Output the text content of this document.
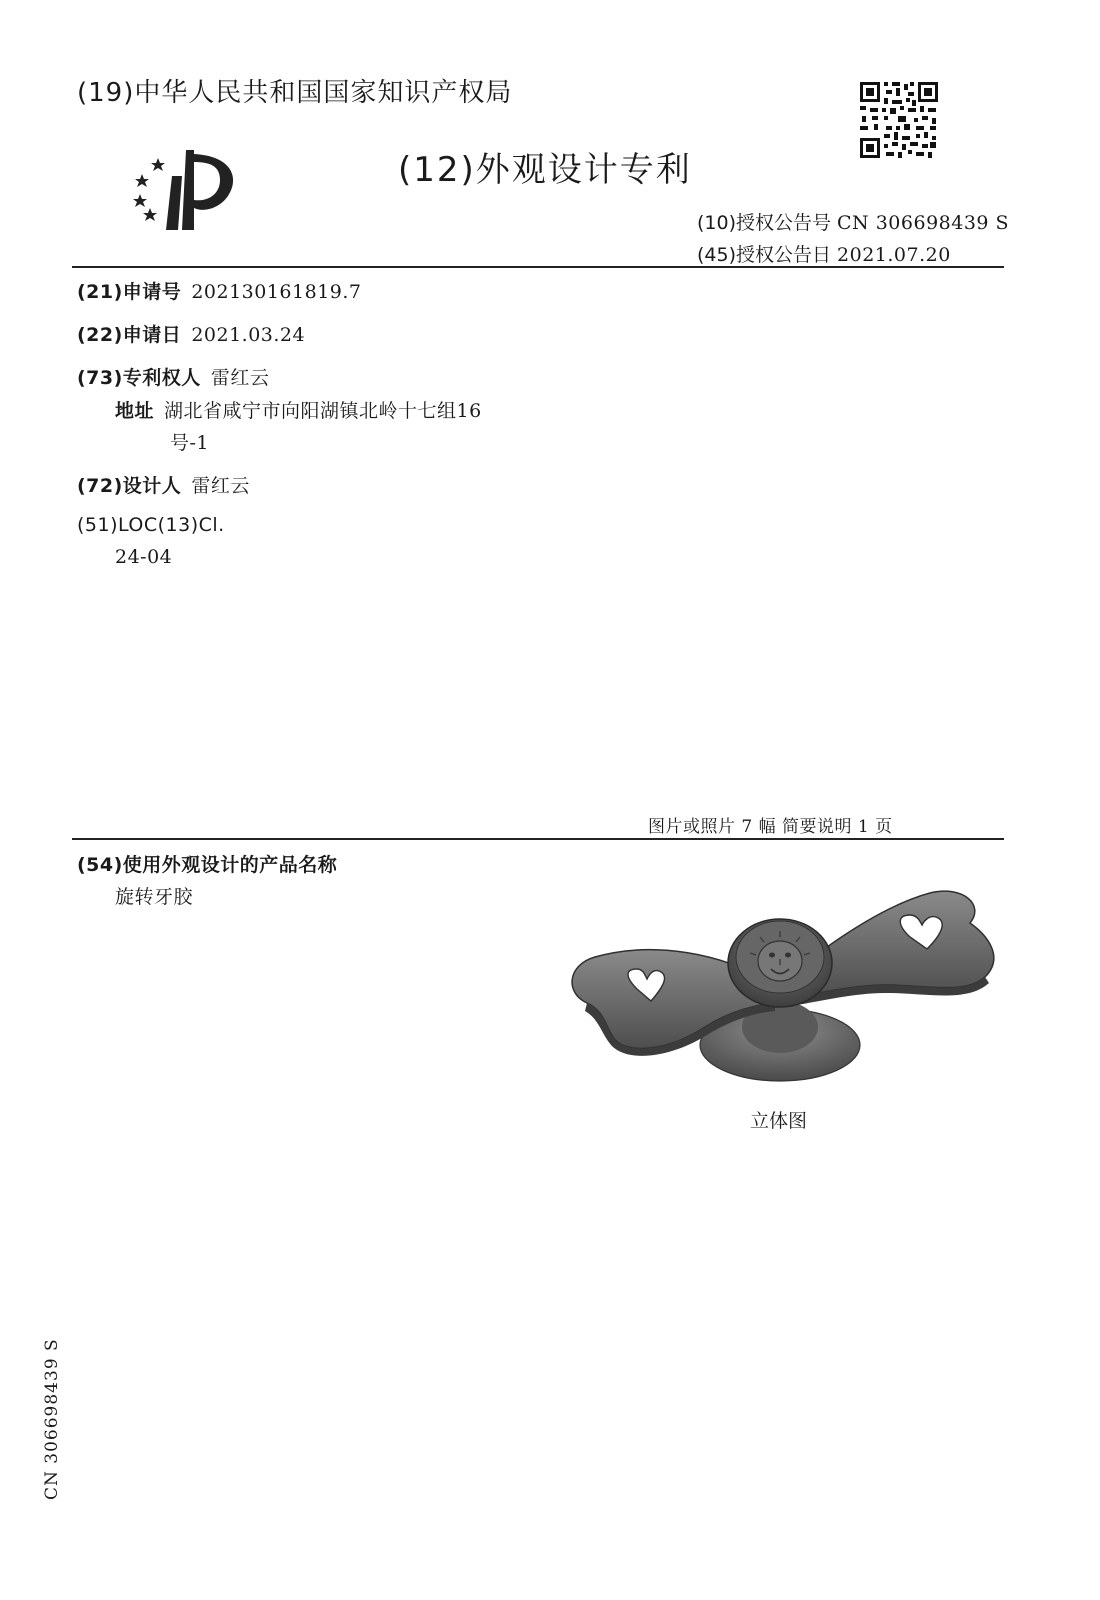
(19)中华人民共和国国家知识产权局
(12)外观设计专利
(10)授权公告号 CN 306698439 S
(45)授权公告日 2021.07.20
(21)申请号 202130161819.7
(22)申请日 2021.03.24
(73)专利权人 雷红云
地址 湖北省咸宁市向阳湖镇北岭十七组16
号-1
(72)设计人 雷红云
(51)LOC(13)Cl.
24-04
图片或照片 7 幅 简要说明 1 页
(54)使用外观设计的产品名称
旋转牙胶
立体图
CN 306698439 S
